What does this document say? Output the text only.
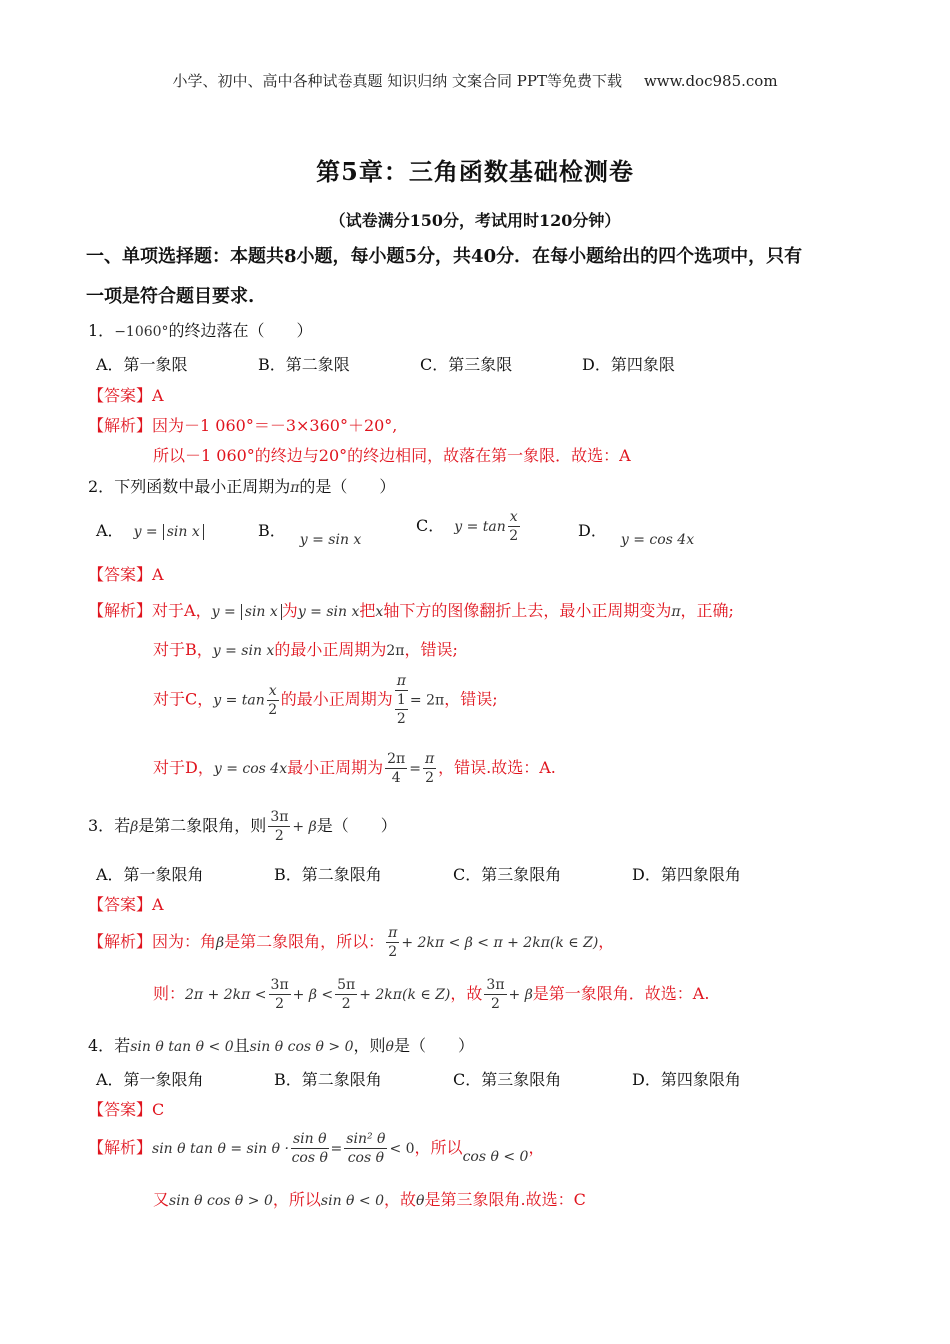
小学、初中、高中各种试卷真题 知识归纳 文案合同 PPT等免费下载 www.doc985.com
第5章：三角函数基础检测卷
（试卷满分150分，考试用时120分钟）
一、单项选择题：本题共8小题，每小题5分，共40分．在每小题给出的四个选项中，只有
一项是符合题目要求.
1．−1060°的终边落在（　　）
A．第一象限	B．第二象限	C．第三象限	D．第四象限
【答案】A
【解析】因为－1 060°＝－3×360°＋20°,
所以－1 060°的终边与20°的终边相同，故落在第一象限．故选：A
2．下列函数中最小正周期为π的是（　　）
A． y = sin x	B． y = sin x
C． $y = \tan \frac{x}{2}$	D． y = cos 4x
【答案】A
【解析】对于A，y = sin x 为y = sin x把x轴下方的图像翻折上去，最小正周期变为π，正确;
对于B，y = sin x的最小正周期为2π，错误;
对于C，$y = \tan \frac{x}{2}$ 的最小正周期为 π
1
2 = 2π，错误;
对于D，y = cos 4x最小正周期为 $\frac{2\pi}{4} = \frac{\pi}{2}$ ，错误.故选：A.
3．若β是第二象限角，则 $\frac{3\pi}{2} + \beta$是（　　）
A．第一象限角	B．第二象限角	C．第三象限角	D．第四象限角
【答案】A
【解析】因为：角β是第二象限角，所以： $\frac{\pi}{2} + 2k\pi < \beta < \pi + 2k\pi(k$ ∈ Z)，
则：$2\pi + 2k\pi < \frac{3\pi}{2} + \beta < \frac{5\pi}{2} + 2k\pi(k$ ∈ Z)，故 $\frac{3\pi}{2} + \beta$是第一象限角．故选：A.
4．若sin θ tan θ < 0且sin θ cos θ > 0，则θ是（　　）
A．第一象限角	B．第二象限角	C．第三象限角	D．第四象限角
【答案】C
【解析】sin θ $\tan \theta = \sin \theta \cdot \frac{\text{sin θ}}{\text{cos θ}} = \frac{\text{sin² θ}}{\text{cos θ}} < 0$，所以cos θ < 0，
又sin θ cos θ > 0，所以sin θ < 0，故θ是第三象限角.故选：C
